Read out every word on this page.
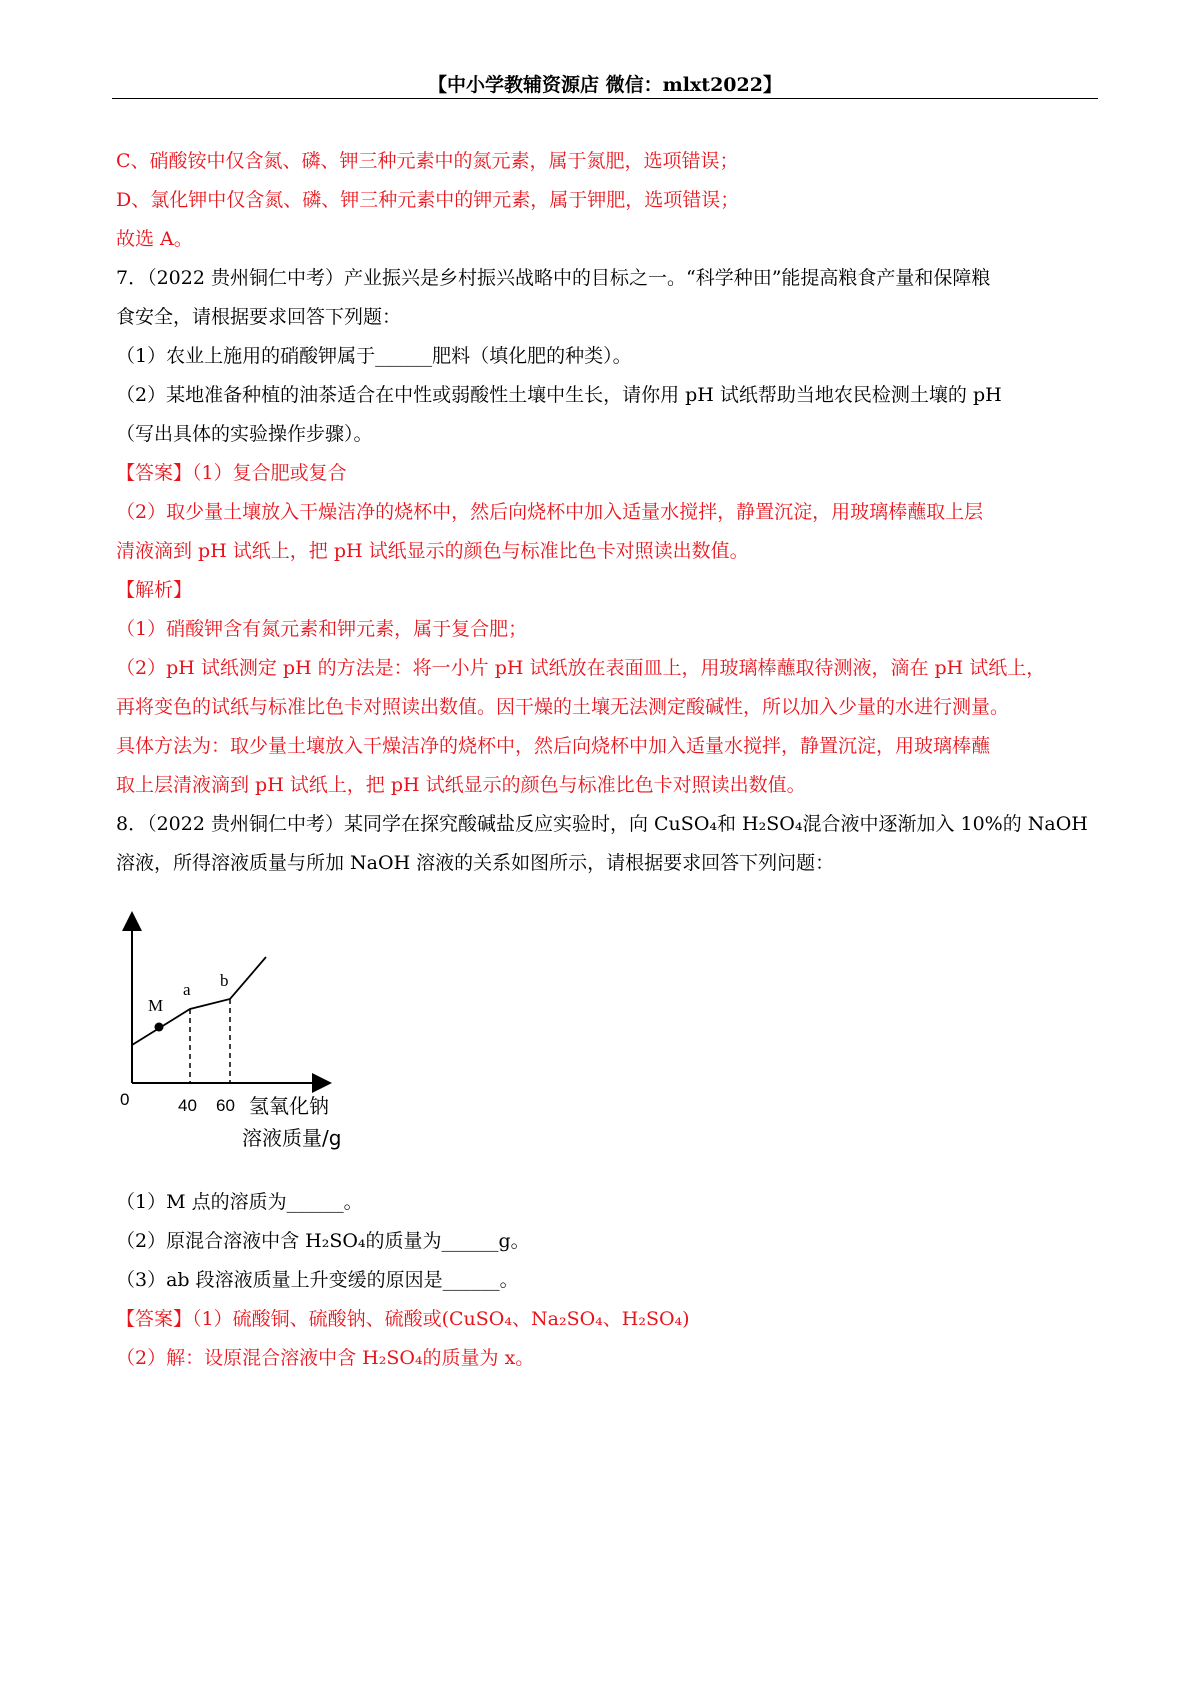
【中小学教辅资源店 微信：mlxt2022】
C、硝酸铵中仅含氮、磷、钾三种元素中的氮元素，属于氮肥，选项错误；
D、氯化钾中仅含氮、磷、钾三种元素中的钾元素，属于钾肥，选项错误；
故选 A。
7．（2022 贵州铜仁中考）产业振兴是乡村振兴战略中的目标之一。“科学种田”能提高粮食产量和保障粮
食安全，请根据要求回答下列题：
（1）农业上施用的硝酸钾属于______肥料（填化肥的种类）。
（2）某地准备种植的油茶适合在中性或弱酸性土壤中生长，请你用 pH 试纸帮助当地农民检测土壤的 pH
（写出具体的实验操作步骤）。
【答案】（1）复合肥或复合
（2）取少量土壤放入干燥洁净的烧杯中，然后向烧杯中加入适量水搅拌，静置沉淀，用玻璃棒蘸取上层
清液滴到 pH 试纸上，把 pH 试纸显示的颜色与标准比色卡对照读出数值。
【解析】
（1）硝酸钾含有氮元素和钾元素，属于复合肥；
（2）pH 试纸测定 pH 的方法是：将一小片 pH 试纸放在表面皿上，用玻璃棒蘸取待测液，滴在 pH 试纸上，
再将变色的试纸与标准比色卡对照读出数值。因干燥的土壤无法测定酸碱性，所以加入少量的水进行测量。
具体方法为：取少量土壤放入干燥洁净的烧杯中，然后向烧杯中加入适量水搅拌，静置沉淀，用玻璃棒蘸
取上层清液滴到 pH 试纸上，把 pH 试纸显示的颜色与标准比色卡对照读出数值。
8．（2022 贵州铜仁中考）某同学在探究酸碱盐反应实验时，向 CuSO₄和 H₂SO₄混合液中逐渐加入 10%的 NaOH
溶液，所得溶液质量与所加 NaOH 溶液的关系如图所示，请根据要求回答下列问题：
M
a b
0	40 60 氢氧化钠
溶液质量/g
（1）M 点的溶质为______。
（2）原混合溶液中含 H₂SO₄的质量为______g。
（3）ab 段溶液质量上升变缓的原因是______。
【答案】（1）硫酸铜、硫酸钠、硫酸或(CuSO₄、Na₂SO₄、H₂SO₄)
（2）解：设原混合溶液中含 H₂SO₄的质量为 x。
